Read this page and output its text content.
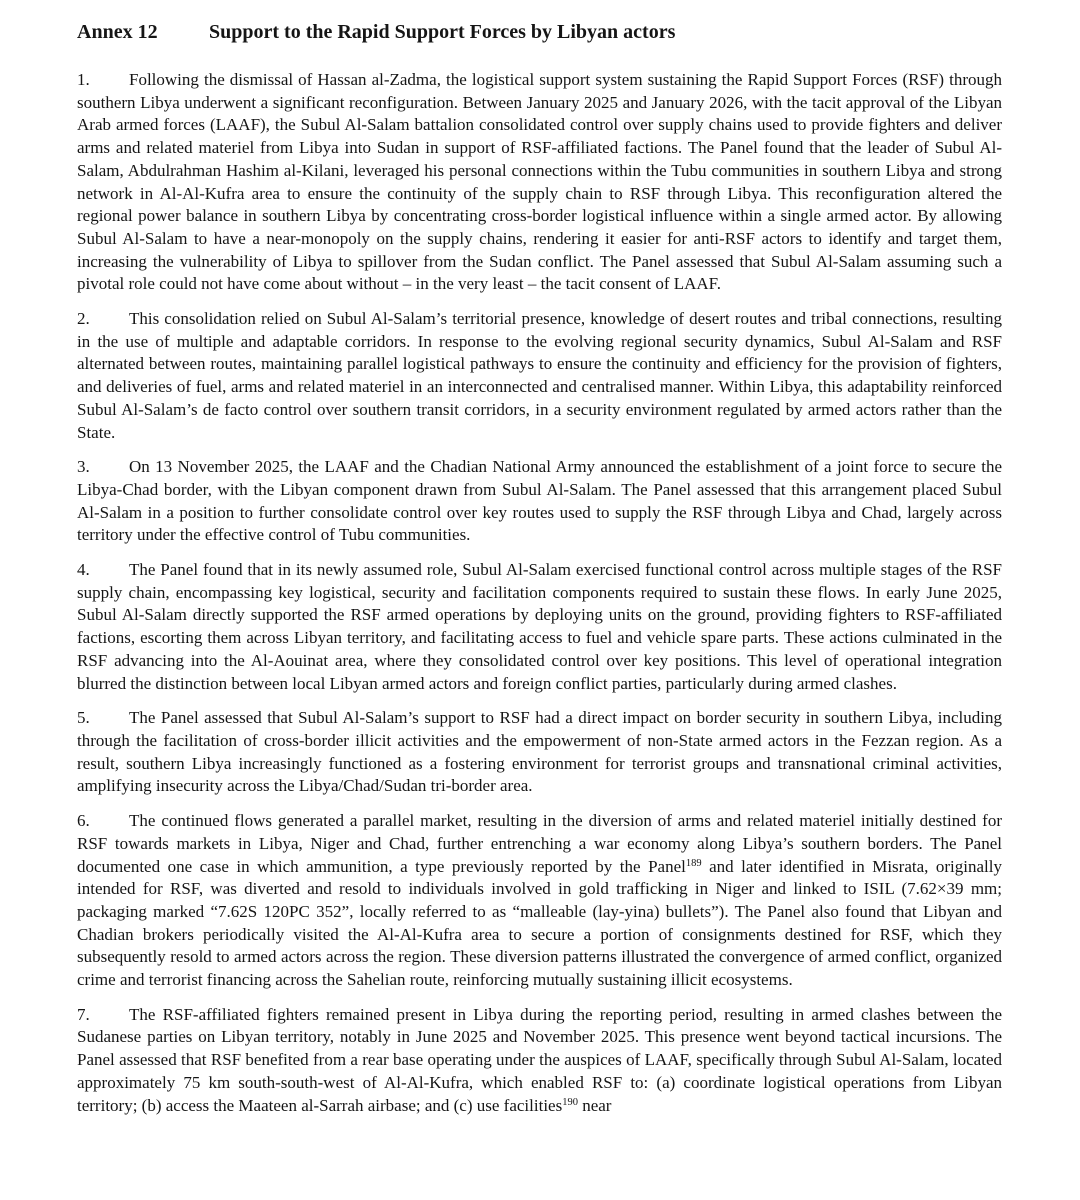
Annex 12	Support to the Rapid Support Forces by Libyan actors

1. Following the dismissal of Hassan al-Zadma, the logistical support system sustaining the Rapid Support Forces (RSF) through southern Libya underwent a significant reconfiguration. Between January 2025 and January 2026, with the tacit approval of the Libyan Arab armed forces (LAAF), the Subul Al-Salam battalion consolidated control over supply chains used to provide fighters and deliver arms and related materiel from Libya into Sudan in support of RSF-affiliated factions. The Panel found that the leader of Subul Al-Salam, Abdulrahman Hashim al-Kilani, leveraged his personal connections within the Tubu communities in southern Libya and strong network in Al-Al-Kufra area to ensure the continuity of the supply chain to RSF through Libya. This reconfiguration altered the regional power balance in southern Libya by concentrating cross-border logistical influence within a single armed actor. By allowing Subul Al-Salam to have a near-monopoly on the supply chains, rendering it easier for anti-RSF actors to identify and target them, increasing the vulnerability of Libya to spillover from the Sudan conflict. The Panel assessed that Subul Al-Salam assuming such a pivotal role could not have come about without – in the very least – the tacit consent of LAAF.

2. This consolidation relied on Subul Al-Salam’s territorial presence, knowledge of desert routes and tribal connections, resulting in the use of multiple and adaptable corridors. In response to the evolving regional security dynamics, Subul Al-Salam and RSF alternated between routes, maintaining parallel logistical pathways to ensure the continuity and efficiency for the provision of fighters, and deliveries of fuel, arms and related materiel in an interconnected and centralised manner. Within Libya, this adaptability reinforced Subul Al-Salam’s de facto control over southern transit corridors, in a security environment regulated by armed actors rather than the State.

3. On 13 November 2025, the LAAF and the Chadian National Army announced the establishment of a joint force to secure the Libya-Chad border, with the Libyan component drawn from Subul Al-Salam. The Panel assessed that this arrangement placed Subul Al-Salam in a position to further consolidate control over key routes used to supply the RSF through Libya and Chad, largely across territory under the effective control of Tubu communities.

4. The Panel found that in its newly assumed role, Subul Al-Salam exercised functional control across multiple stages of the RSF supply chain, encompassing key logistical, security and facilitation components required to sustain these flows. In early June 2025, Subul Al-Salam directly supported the RSF armed operations by deploying units on the ground, providing fighters to RSF-affiliated factions, escorting them across Libyan territory, and facilitating access to fuel and vehicle spare parts. These actions culminated in the RSF advancing into the Al-Aouinat area, where they consolidated control over key positions. This level of operational integration blurred the distinction between local Libyan armed actors and foreign conflict parties, particularly during armed clashes.

5. The Panel assessed that Subul Al-Salam’s support to RSF had a direct impact on border security in southern Libya, including through the facilitation of cross-border illicit activities and the empowerment of non-State armed actors in the Fezzan region. As a result, southern Libya increasingly functioned as a fostering environment for terrorist groups and transnational criminal activities, amplifying insecurity across the Libya/Chad/Sudan tri-border area.

6. The continued flows generated a parallel market, resulting in the diversion of arms and related materiel initially destined for RSF towards markets in Libya, Niger and Chad, further entrenching a war economy along Libya’s southern borders. The Panel documented one case in which ammunition, a type previously reported by the Panel$^{189}$ and later identified in Misrata, originally intended for RSF, was diverted and resold to individuals involved in gold trafficking in Niger and linked to ISIL (7.62×39 mm; packaging marked “7.62S 120PC 352”, locally referred to as “malleable (lay-yina) bullets”). The Panel also found that Libyan and Chadian brokers periodically visited the Al-Al-Kufra area to secure a portion of consignments destined for RSF, which they subsequently resold to armed actors across the region. These diversion patterns illustrated the convergence of armed conflict, organized crime and terrorist financing across the Sahelian route, reinforcing mutually sustaining illicit ecosystems.

7. The RSF-affiliated fighters remained present in Libya during the reporting period, resulting in armed clashes between the Sudanese parties on Libyan territory, notably in June 2025 and November 2025. This presence went beyond tactical incursions. The Panel assessed that RSF benefited from a rear base operating under the auspices of LAAF, specifically through Subul Al-Salam, located approximately 75 km south-south-west of Al-Al-Kufra, which enabled RSF to: (a) coordinate logistical operations from Libyan territory; (b) access the Maateen al-Sarrah airbase; and (c) use facilities$^{190}$ near
